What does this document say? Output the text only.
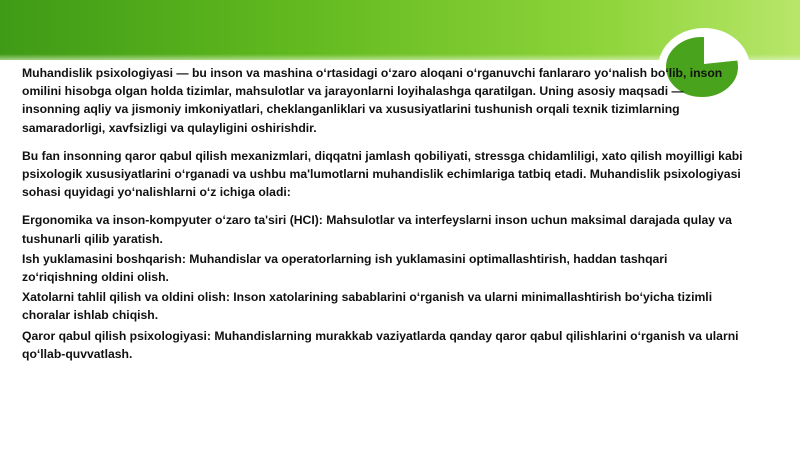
Muhandislik psixologiyasi — bu inson va mashina o‘rtasidagi o‘zaro aloqani o‘rganuvchi fanlararo yo‘nalish bo‘lib, inson omilini hisobga olgan holda tizimlar, mahsulotlar va jarayonlarni loyihalashga qaratilgan. Uning asosiy maqsadi — insonning aqliy va jismoniy imkoniyatlari, cheklanganliklari va xususiyatlarini tushunish orqali texnik tizimlarning samaradorligi, xavfsizligi va qulayligini oshirishdir.

Bu fan insonning qaror qabul qilish mexanizmlari, diqqatni jamlash qobiliyati, stressga chidamliligi, xato qilish moyilligi kabi psixologik xususiyatlarini o‘rganadi va ushbu ma'lumotlarni muhandislik echimlariga tatbiq etadi. Muhandislik psixologiyasi sohasi quyidagi yo‘nalishlarni o‘z ichiga oladi:

Ergonomika va inson-kompyuter o‘zaro ta'siri (HCI): Mahsulotlar va interfeyslarni inson uchun maksimal darajada qulay va tushunarli qilib yaratish.

Ish yuklamasini boshqarish: Muhandislar va operatorlarning ish yuklamasini optimallashtirish, haddan tashqari zo‘riqishning oldini olish.

Xatolarni tahlil qilish va oldini olish: Inson xatolarining sabablarini o‘rganish va ularni minimallashtirish bo‘yicha tizimli choralar ishlab chiqish.

Qaror qabul qilish psixologiyasi: Muhandislarning murakkab vaziyatlarda qanday qaror qabul qilishlarini o‘rganish va ularni qo‘llab-quvvatlash.
